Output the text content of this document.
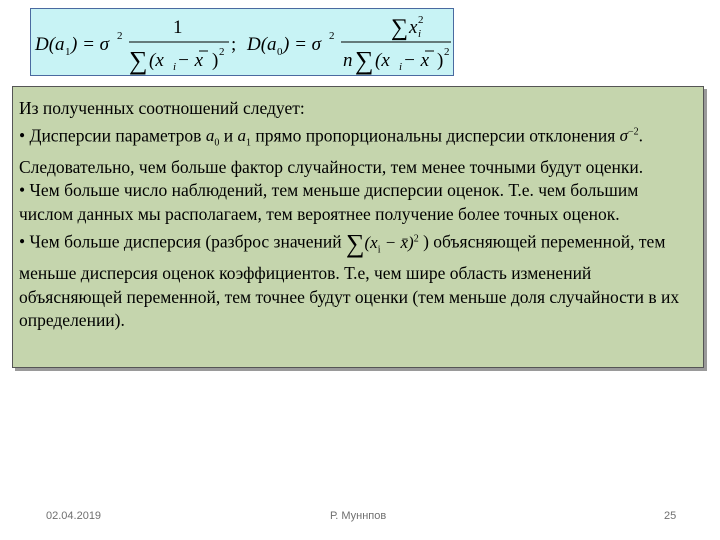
D(a 1 ) = σ 2	1
∑ (x i − x ) 2 ; D(a 0 ) = σ 2 ∑ x 2
i
n ∑ (x i − x ) 2

Из полученных соотношений следует:

• Дисперсии параметров $a_0$ и $a_1$ прямо пропорциональны дисперсии отклонения $\sigma^{-2}$. Следовательно, чем больше фактор случайности, тем менее точными будут оценки.

• Чем больше число наблюдений, тем меньше дисперсии оценок. Т.е. чем большим числом данных мы располагаем, тем вероятнее получение более точных оценок.

• Чем больше дисперсия (разброс значений $\sum(x_i$ − x̄)$^2$ ) объясняющей переменной, тем меньше дисперсия оценок коэффициентов. Т.е, чем шире область изменений объясняющей переменной, тем точнее будут оценки (тем меньше доля случайности в их определении).

02.04.2019	Р. Муннпов	25
